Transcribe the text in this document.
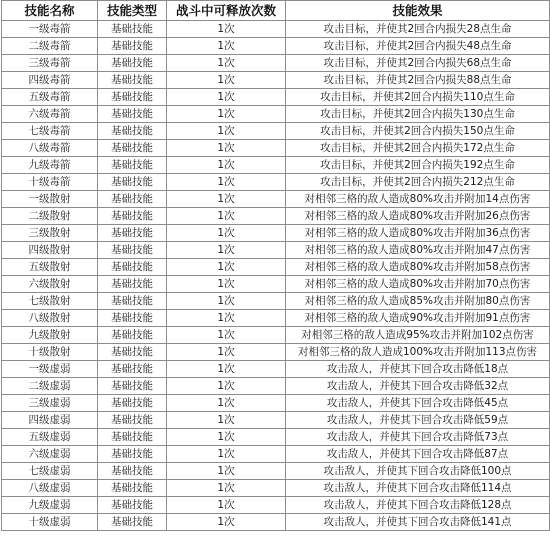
技能名称	技能类型	战斗中可释放次数	技能效果
一级毒箭	基础技能	1次	攻击目标，并使其2回合内损失28点生命
二级毒箭	基础技能	1次	攻击目标，并使其2回合内损失48点生命
三级毒箭	基础技能	1次	攻击目标，并使其2回合内损失68点生命
四级毒箭	基础技能	1次	攻击目标，并使其2回合内损失88点生命
五级毒箭	基础技能	1次	攻击目标，并使其2回合内损失110点生命
六级毒箭	基础技能	1次	攻击目标，并使其2回合内损失130点生命
七级毒箭	基础技能	1次	攻击目标，并使其2回合内损失150点生命
八级毒箭	基础技能	1次	攻击目标，并使其2回合内损失172点生命
九级毒箭	基础技能	1次	攻击目标，并使其2回合内损失192点生命
十级毒箭	基础技能	1次	攻击目标，并使其2回合内损失212点生命
一级散射	基础技能	1次	对相邻三格的敌人造成80%攻击并附加14点伤害
二级散射	基础技能	1次	对相邻三格的敌人造成80%攻击并附加26点伤害
三级散射	基础技能	1次	对相邻三格的敌人造成80%攻击并附加36点伤害
四级散射	基础技能	1次	对相邻三格的敌人造成80%攻击并附加47点伤害
五级散射	基础技能	1次	对相邻三格的敌人造成80%攻击并附加58点伤害
六级散射	基础技能	1次	对相邻三格的敌人造成80%攻击并附加70点伤害
七级散射	基础技能	1次	对相邻三格的敌人造成85%攻击并附加80点伤害
八级散射	基础技能	1次	对相邻三格的敌人造成90%攻击并附加91点伤害
九级散射	基础技能	1次	对相邻三格的敌人造成95%攻击并附加102点伤害
十级散射	基础技能	1次	对相邻三格的敌人造成100%攻击并附加113点伤害
一级虚弱	基础技能	1次	攻击敌人，并使其下回合攻击降低18点
二级虚弱	基础技能	1次	攻击敌人，并使其下回合攻击降低32点
三级虚弱	基础技能	1次	攻击敌人，并使其下回合攻击降低45点
四级虚弱	基础技能	1次	攻击敌人，并使其下回合攻击降低59点
五级虚弱	基础技能	1次	攻击敌人，并使其下回合攻击降低73点
六级虚弱	基础技能	1次	攻击敌人，并使其下回合攻击降低87点
七级虚弱	基础技能	1次	攻击敌人，并使其下回合攻击降低100点
八级虚弱	基础技能	1次	攻击敌人，并使其下回合攻击降低114点
九级虚弱	基础技能	1次	攻击敌人，并使其下回合攻击降低128点
十级虚弱	基础技能	1次	攻击敌人，并使其下回合攻击降低141点
